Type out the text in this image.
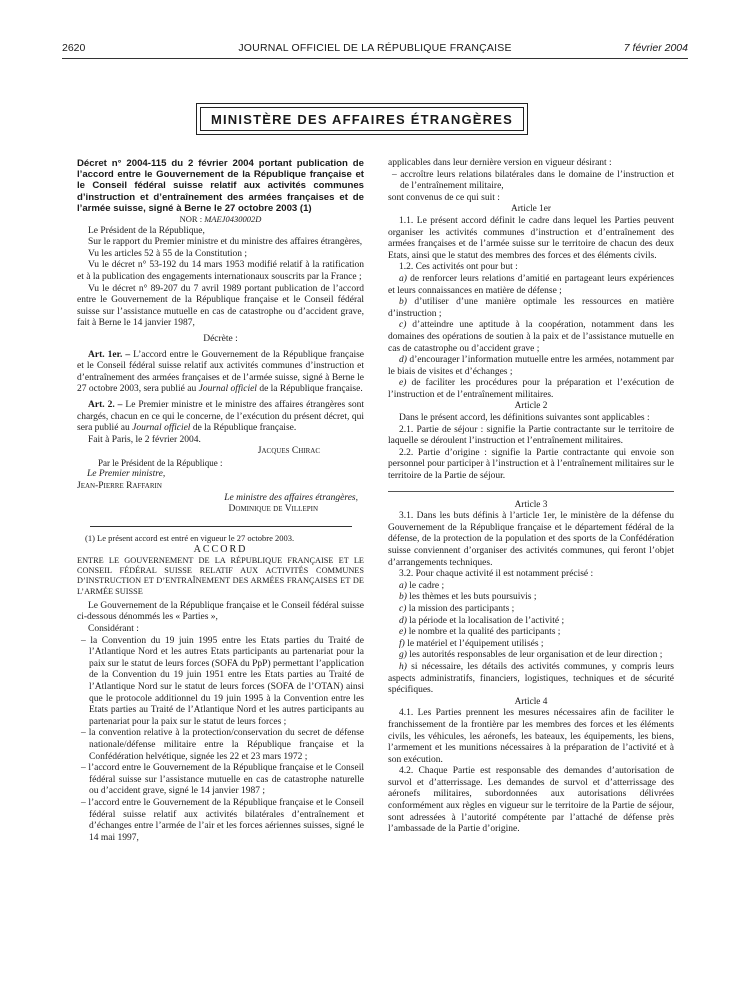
2620	JOURNAL OFFICIEL DE LA RÉPUBLIQUE FRANÇAISE	7 février 2004
MINISTÈRE DES AFFAIRES ÉTRANGÈRES

Décret n° 2004-115 du 2 février 2004 portant publication de l’accord entre le Gouvernement de la République française et le Conseil fédéral suisse relatif aux activités communes d’instruction et d’entraînement des armées françaises et de l’armée suisse, signé à Berne le 27 octobre 2003 (1)

NOR : MAEJ0430002D

Le Président de la République,

Sur le rapport du Premier ministre et du ministre des affaires étrangères,

Vu les articles 52 à 55 de la Constitution ;

Vu le décret n° 53-192 du 14 mars 1953 modifié relatif à la ratification et à la publication des engagements internationaux souscrits par la France ;

Vu le décret n° 89-207 du 7 avril 1989 portant publication de l’accord entre le Gouvernement de la République française et le Conseil fédéral suisse sur l’assistance mutuelle en cas de catastrophe ou d’accident grave, fait à Berne le 14 janvier 1987,

Décrète :

Art. 1er. – L’accord entre le Gouvernement de la République française et le Conseil fédéral suisse relatif aux activités communes d’instruction et d’entraînement des armées françaises et de l’armée suisse, signé à Berne le 27 octobre 2003, sera publié au Journal officiel de la République française.

Art. 2. – Le Premier ministre et le ministre des affaires étrangères sont chargés, chacun en ce qui le concerne, de l’exécution du présent décret, qui sera publié au Journal officiel de la République française.

Fait à Paris, le 2 février 2004.

Jacques Chirac

Par le Président de la République :

Le Premier ministre,

Jean-Pierre Raffarin

Le ministre des affaires étrangères,

Dominique de Villepin

(1) Le présent accord est entré en vigueur le 27 octobre 2003.

ACCORD

ENTRE LE GOUVERNEMENT DE LA RÉPUBLIQUE FRANÇAISE ET LE CONSEIL FÉDÉRAL SUISSE RELATIF AUX ACTIVITÉS COMMUNES D’INSTRUCTION ET D’ENTRAÎNEMENT DES ARMÉES FRANÇAISES ET DE L’ARMÉE SUISSE

Le Gouvernement de la République française et le Conseil fédéral suisse ci-dessous dénommés les « Parties »,

Considérant :

– la Convention du 19 juin 1995 entre les Etats parties du Traité de l’Atlantique Nord et les autres Etats participants au partenariat pour la paix sur le statut de leurs forces (SOFA du PpP) permettant l’application de la Convention du 19 juin 1951 entre les Etats parties au Traité de l’Atlantique Nord sur le statut de leurs forces (SOFA de l’OTAN) ainsi que le protocole additionnel du 19 juin 1995 à la Convention entre les Etats parties au Traité de l’Atlantique Nord et les autres participants au partenariat pour la paix sur le statut de leurs forces ;

– la convention relative à la protection/conservation du secret de défense nationale/défense militaire entre la République française et la Confédération helvétique, signée les 22 et 23 mars 1972 ;

– l’accord entre le Gouvernement de la République française et le Conseil fédéral suisse sur l’assistance mutuelle en cas de catastrophe naturelle ou d’accident grave, signé le 14 janvier 1987 ;

– l’accord entre le Gouvernement de la République française et le Conseil fédéral suisse relatif aux activités bilatérales d’entraînement et d’échanges entre l’armée de l’air et les forces aériennes suisses, signé le 14 mai 1997,

applicables dans leur dernière version en vigueur désirant :

– accroître leurs relations bilatérales dans le domaine de l’instruction et de l’entraînement militaire,

sont convenus de ce qui suit :

Article 1er

1.1. Le présent accord définit le cadre dans lequel les Parties peuvent organiser les activités communes d’instruction et d’entraînement des armées françaises et de l’armée suisse sur le territoire de chacun des deux Etats, ainsi que le statut des membres des forces et des éléments civils.

1.2. Ces activités ont pour but :

a) de renforcer leurs relations d’amitié en partageant leurs expériences et leurs connaissances en matière de défense ;

b) d’utiliser d’une manière optimale les ressources en matière d’instruction ;

c) d’atteindre une aptitude à la coopération, notamment dans les domaines des opérations de soutien à la paix et de l’assistance mutuelle en cas de catastrophe ou d’accident grave ;

d) d’encourager l’information mutuelle entre les armées, notamment par le biais de visites et d’échanges ;

e) de faciliter les procédures pour la préparation et l’exécution de l’instruction et de l’entraînement militaires.

Article 2

Dans le présent accord, les définitions suivantes sont applicables :

2.1. Partie de séjour : signifie la Partie contractante sur le territoire de laquelle se déroulent l’instruction et l’entraînement militaires.

2.2. Partie d’origine : signifie la Partie contractante qui envoie son personnel pour participer à l’instruction et à l’entraînement militaires sur le territoire de la Partie de séjour.

Article 3

3.1. Dans les buts définis à l’article 1er, le ministère de la défense du Gouvernement de la République française et le département fédéral de la défense, de la protection de la population et des sports de la Confédération suisse conviennent d’organiser des activités communes, qui feront l’objet d’arrangements techniques.

3.2. Pour chaque activité il est notamment précisé :

a) le cadre ;

b) les thèmes et les buts poursuivis ;

c) la mission des participants ;

d) la période et la localisation de l’activité ;

e) le nombre et la qualité des participants ;

f) le matériel et l’équipement utilisés ;

g) les autorités responsables de leur organisation et de leur direction ;

h) si nécessaire, les détails des activités communes, y compris leurs aspects administratifs, financiers, logistiques, techniques et de sécurité spécifiques.

Article 4

4.1. Les Parties prennent les mesures nécessaires afin de faciliter le franchissement de la frontière par les membres des forces et les éléments civils, les véhicules, les aéronefs, les bateaux, les équipements, les biens, l’armement et les munitions nécessaires à la préparation de l’activité et à son exécution.

4.2. Chaque Partie est responsable des demandes d’autorisation de survol et d’atterrissage. Les demandes de survol et d’atterrissage des aéronefs militaires, subordonnées aux autorisations délivrées conformément aux règles en vigueur sur le territoire de la Partie de séjour, sont adressées à l’autorité compétente par l’attaché de défense près l’ambassade de la Partie d’origine.
